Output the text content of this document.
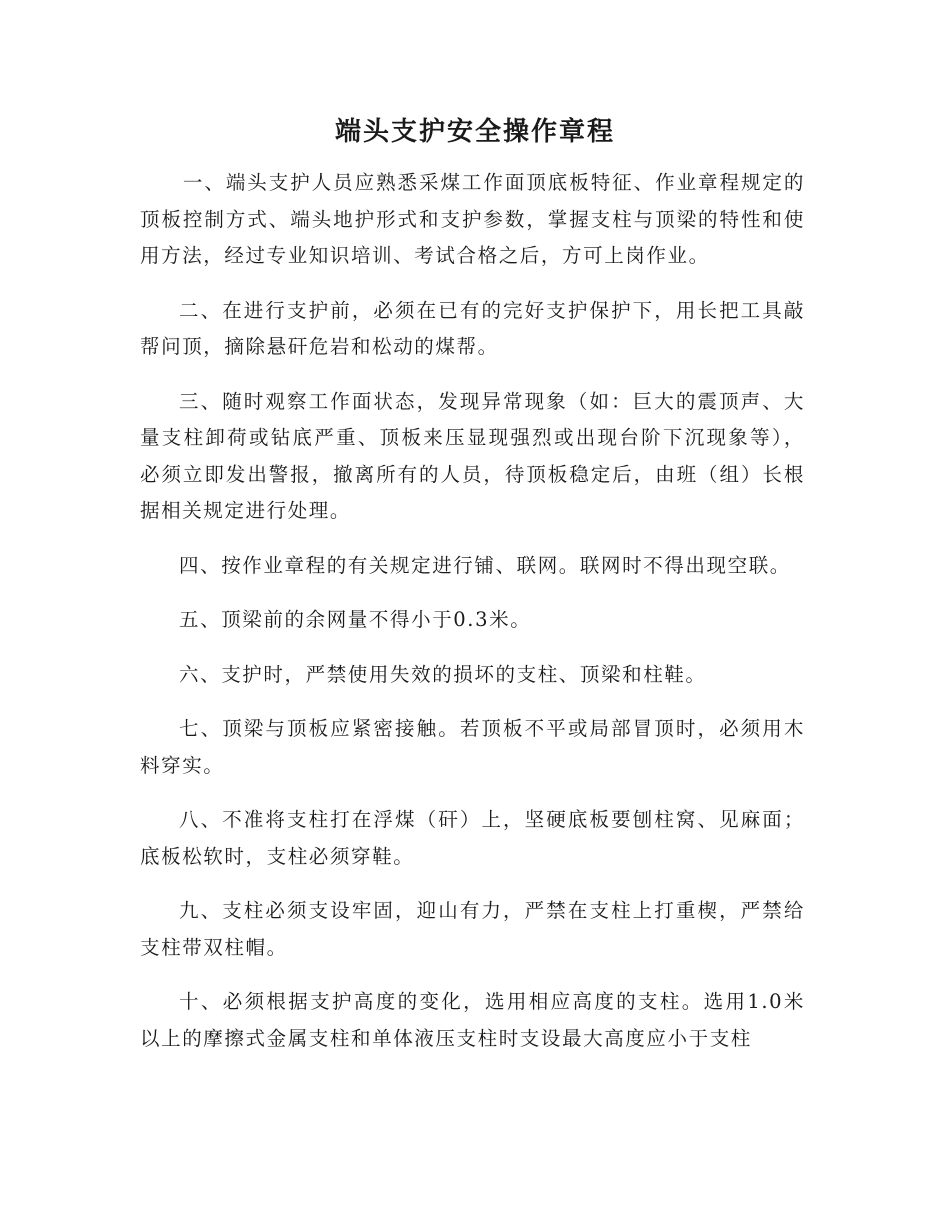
端头支护安全操作章程

一、端头支护人员应熟悉采煤工作面顶底板特征、作业章程规定的顶板控制方式、端头地护形式和支护参数，掌握支柱与顶梁的特性和使用方法，经过专业知识培训、考试合格之后，方可上岗作业。

二、在进行支护前，必须在已有的完好支护保护下，用长把工具敲帮问顶，摘除悬矸危岩和松动的煤帮。

三、随时观察工作面状态，发现异常现象（如：巨大的震顶声、大量支柱卸荷或钻底严重、顶板来压显现强烈或出现台阶下沉现象等），必须立即发出警报，撤离所有的人员，待顶板稳定后，由班（组）长根据相关规定进行处理。

四、按作业章程的有关规定进行铺、联网。联网时不得出现空联。

五、顶梁前的余网量不得小于0.3米。

六、支护时，严禁使用失效的损坏的支柱、顶梁和柱鞋。

七、顶梁与顶板应紧密接触。若顶板不平或局部冒顶时，必须用木料穿实。

八、不准将支柱打在浮煤（矸）上，坚硬底板要刨柱窝、见麻面；底板松软时，支柱必须穿鞋。

九、支柱必须支设牢固，迎山有力，严禁在支柱上打重楔，严禁给支柱带双柱帽。

十、必须根据支护高度的变化，选用相应高度的支柱。选用1.0米以上的摩擦式金属支柱和单体液压支柱时支设最大高度应小于支柱
